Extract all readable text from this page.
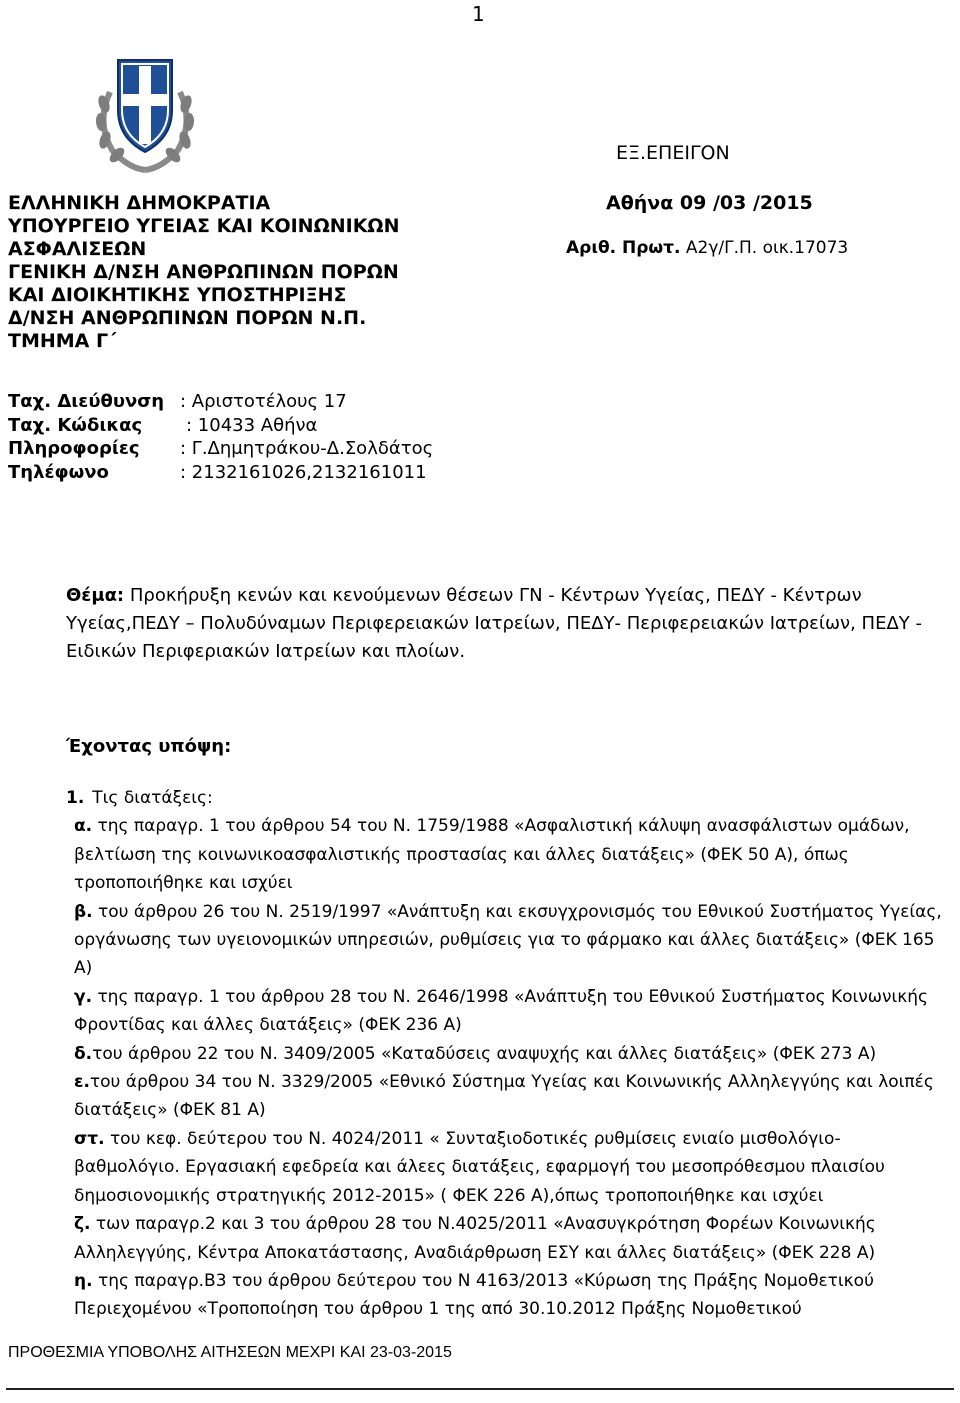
1
ΕΛΛΗΝΙΚΗ ΔΗΜΟΚΡΑΤΙΑ
ΥΠΟΥΡΓΕΙΟ ΥΓΕΙΑΣ ΚΑΙ ΚΟΙΝΩΝΙΚΩΝ
ΑΣΦΑΛΙΣΕΩΝ
ΓΕΝΙΚΗ Δ/ΝΣΗ ΑΝΘΡΩΠΙΝΩΝ ΠΟΡΩΝ
ΚΑΙ ΔΙΟΙΚΗΤΙΚΗΣ ΥΠΟΣΤΗΡΙΞΗΣ
Δ/ΝΣΗ ΑΝΘΡΩΠΙΝΩΝ ΠΟΡΩΝ Ν.Π.
ΤΜΗΜΑ Γ΄
ΕΞ.ΕΠΕΙΓΟΝ
Αθήνα 09 /03 /2015
Αριθ. Πρωτ. Α2γ/Γ.Π. οικ.17073
Ταχ. Διεύθυνση : Αριστοτέλους 17
Ταχ. Κώδικας : 10433 Αθήνα
Πληροφορίες : Γ.Δημητράκου-Δ.Σολδάτος
Τηλέφωνο	: 2132161026,2132161011
Θέμα: Προκήρυξη κενών και κενούμενων θέσεων ΓΝ - Κέντρων Υγείας, ΠΕΔΥ - Κέντρων Υγείας,ΠΕΔΥ – Πολυδύναμων Περιφερειακών Ιατρείων, ΠΕΔΥ- Περιφερειακών Ιατρείων, ΠΕΔΥ - Ειδικών Περιφεριακών Ιατρείων και πλοίων.
Έχοντας υπόψη:
1. Τις διατάξεις:
α. της παραγρ. 1 του άρθρου 54 του Ν. 1759/1988 «Ασφαλιστική κάλυψη ανασφάλιστων ομάδων, βελτίωση της κοινωνικοασφαλιστικής προστασίας και άλλες διατάξεις» (ΦΕΚ 50 Α), όπως τροποποιήθηκε και ισχύει
β. του άρθρου 26 του Ν. 2519/1997 «Ανάπτυξη και εκσυγχρονισμός του Εθνικού Συστήματος Υγείας, οργάνωσης των υγειονομικών υπηρεσιών, ρυθμίσεις για το φάρμακο και άλλες διατάξεις» (ΦΕΚ 165 Α)
γ. της παραγρ. 1 του άρθρου 28 του Ν. 2646/1998 «Ανάπτυξη του Εθνικού Συστήματος Κοινωνικής Φροντίδας και άλλες διατάξεις» (ΦΕΚ 236 Α)
δ.του άρθρου 22 του Ν. 3409/2005 «Καταδύσεις αναψυχής και άλλες διατάξεις» (ΦΕΚ 273 Α)
ε.του άρθρου 34 του Ν. 3329/2005 «Εθνικό Σύστημα Υγείας και Κοινωνικής Αλληλεγγύης και λοιπές διατάξεις» (ΦΕΚ 81 Α)
στ. του κεφ. δεύτερου του Ν. 4024/2011 « Συνταξιοδοτικές ρυθμίσεις ενιαίο μισθολόγιο-βαθμολόγιο. Εργασιακή εφεδρεία και άλεες διατάξεις, εφαρμογή του μεσοπρόθεσμου πλαισίου δημοσιονομικής στρατηγικής 2012-2015» ( ΦΕΚ 226 Α),όπως τροποποιήθηκε και ισχύει
ζ. των παραγρ.2 και 3 του άρθρου 28 του Ν.4025/2011 «Ανασυγκρότηση Φορέων Κοινωνικής Αλληλεγγύης, Κέντρα Αποκατάστασης, Αναδιάρθρωση ΕΣΥ και άλλες διατάξεις» (ΦΕΚ 228 Α)
η. της παραγρ.Β3 του άρθρου δεύτερου του Ν 4163/2013 «Κύρωση της Πράξης Νομοθετικού Περιεχομένου «Τροποποίηση του άρθρου 1 της από 30.10.2012 Πράξης Νομοθετικού
ΠΡΟΘΕΣΜΙΑ ΥΠΟΒΟΛΗΣ ΑΙΤΗΣΕΩΝ ΜΕΧΡΙ ΚΑΙ 23-03-2015
